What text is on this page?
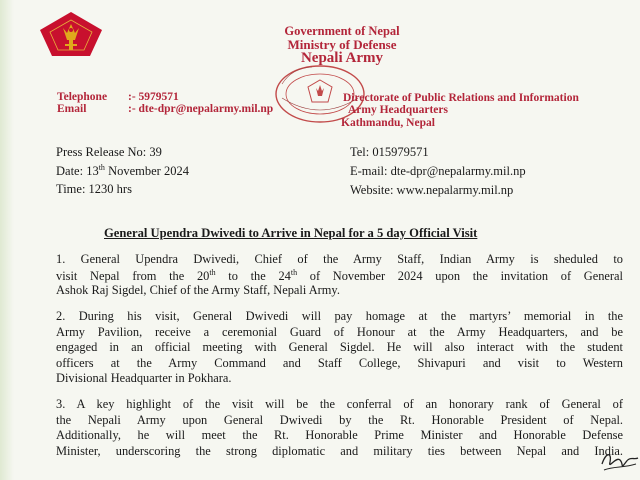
Government of Nepal
Ministry of Defense
Nepali Army
Telephone :- 5979571
Email	:- dte-dpr@nepalarmy.mil.np
Directorate of Public Relations and Information
Army Headquarters
Kathmandu, Nepal
Press Release No: 39
Date: 13th November 2024
Time: 1230 hrs
Tel: 015979571
E-mail: dte-dpr@nepalarmy.mil.np
Website: www.nepalarmy.mil.np
General Upendra Dwivedi to Arrive in Nepal for a 5 day Official Visit
1. General Upendra Dwivedi, Chief of the Army Staff, Indian Army is sheduled to
visit Nepal from the 20th to the 24th of November 2024 upon the invitation of General
Ashok Raj Sigdel, Chief of the Army Staff, Nepali Army.
2. During his visit, General Dwivedi will pay homage at the martyrs’ memorial in the
Army Pavilion, receive a ceremonial Guard of Honour at the Army Headquarters, and be
engaged in an official meeting with General Sigdel. He will also interact with the student
officers at the Army Command and Staff College, Shivapuri and visit to Western
Divisional Headquarter in Pokhara.
3. A key highlight of the visit will be the conferral of an honorary rank of General of
the Nepali Army upon General Dwivedi by the Rt. Honorable President of Nepal.
Additionally, he will meet the Rt. Honorable Prime Minister and Honorable Defense
Minister, underscoring the strong diplomatic and military ties between Nepal and India.
